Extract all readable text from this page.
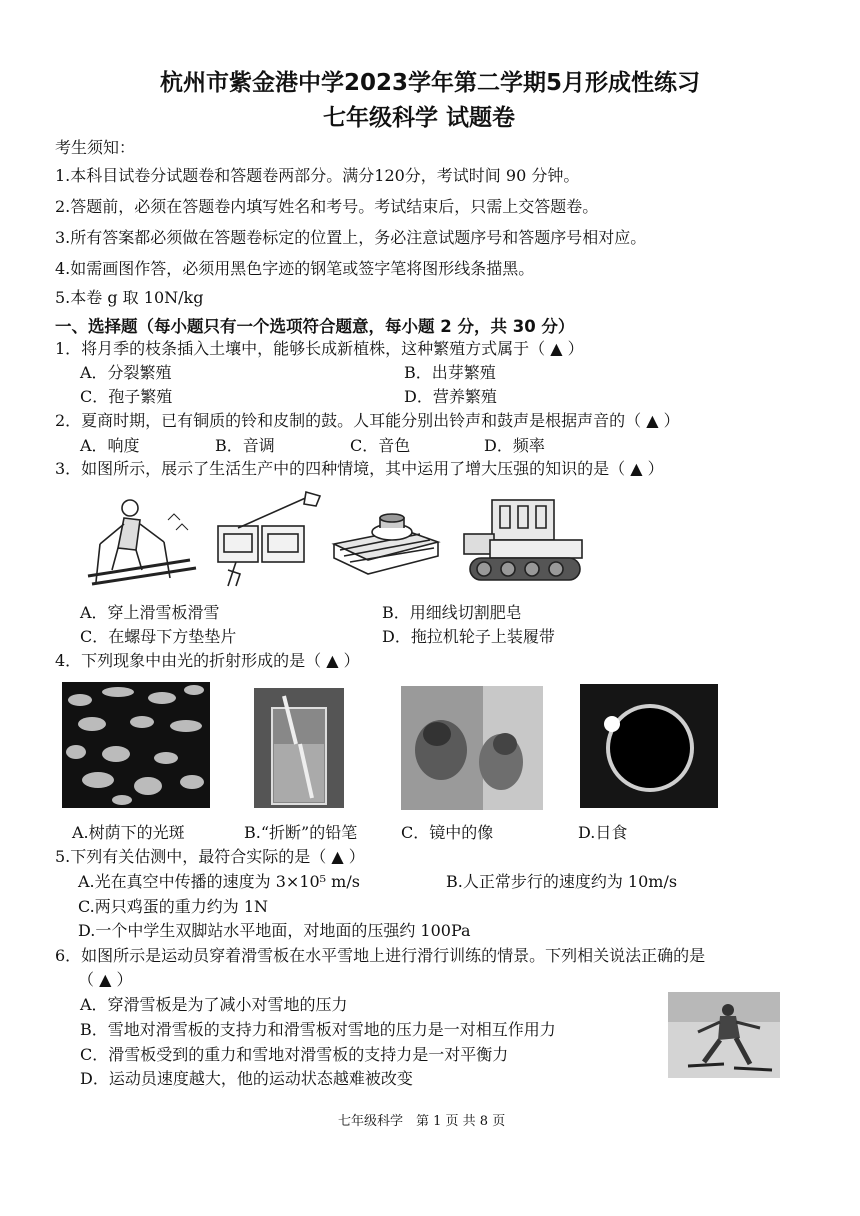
杭州市紫金港中学2023学年第二学期5月形成性练习
七年级科学 试题卷
考生须知：
1.本科目试卷分试题卷和答题卷两部分。满分120分，考试时间 90 分钟。
2.答题前，必须在答题卷内填写姓名和考号。考试结束后，只需上交答题卷。
3.所有答案都必须做在答题卷标定的位置上，务必注意试题序号和答题序号相对应。
4.如需画图作答，必须用黑色字迹的钢笔或签字笔将图形线条描黑。
5.本卷 g 取 10N/kg
一、选择题（每小题只有一个选项符合题意，每小题 2 分，共 30 分）
1．将月季的枝条插入土壤中，能够长成新植株，这种繁殖方式属于（ ▲ ）
A．分裂繁殖	B．出芽繁殖
C．孢子繁殖	D．营养繁殖
2．夏商时期，已有铜质的铃和皮制的鼓。人耳能分别出铃声和鼓声是根据声音的（ ▲ ）
A．响度	B．音调	C．音色	D．频率
3．如图所示，展示了生活生产中的四种情境，其中运用了增大压强的知识的是（ ▲ ）
A．穿上滑雪板滑雪	B．用细线切割肥皂
C．在螺母下方垫垫片	D．拖拉机轮子上装履带
4．下列现象中由光的折射形成的是（ ▲ ）
A.树荫下的光斑	B.“折断”的铅笔	C．镜中的像	D.日食
5.下列有关估测中，最符合实际的是（ ▲ ）
A.光在真空中传播的速度为 3×10⁵ m/s	B.人正常步行的速度约为 10m/s
C.两只鸡蛋的重力约为 1N
D.一个中学生双脚站水平地面，对地面的压强约 100Pa
6．如图所示是运动员穿着滑雪板在水平雪地上进行滑行训练的情景。下列相关说法正确的是
（ ▲ ）
A．穿滑雪板是为了减小对雪地的压力
B．雪地对滑雪板的支持力和滑雪板对雪地的压力是一对相互作用力
C．滑雪板受到的重力和雪地对滑雪板的支持力是一对平衡力
D．运动员速度越大，他的运动状态越难被改变
七年级科学　第 1 页 共 8 页
